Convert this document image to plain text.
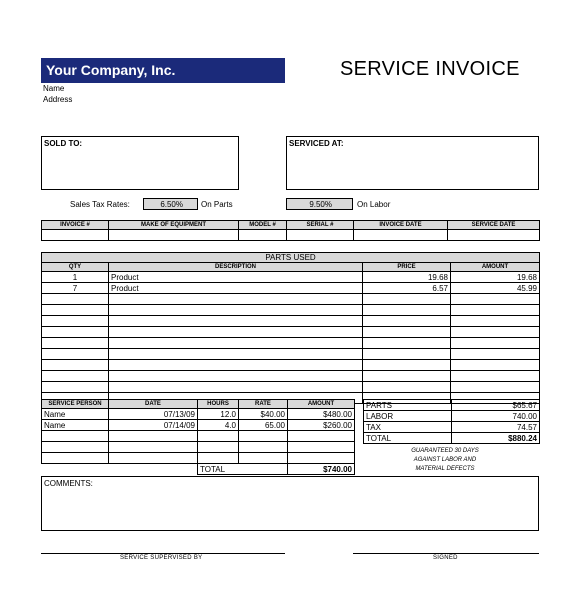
Your Company, Inc.
Name
Address
SERVICE INVOICE
SOLD TO:	SERVICED AT:
Sales Tax Rates:	6.50%	On Parts	9.50%	On Labor
INVOICE #	MAKE OF EQUIPMENT	MODEL #	SERIAL #	INVOICE DATE	SERVICE DATE

PARTS USED			
QTY	DESCRIPTION	PRICE	AMOUNT
1	Product	19.68	19.68
7	Product	6.57	45.99

SERVICE PERSON	DATE	HOURS	RATE	AMOUNT
Name	07/13/09	12.0	$40.00	$480.00
Name	07/14/09	4.0	65.00	$260.00

		TOTAL		$740.00
PARTS	$65.67
LABOR	740.00
TAX	74.57
TOTAL	$880.24
GUARANTEED 30 DAYS
AGAINST LABOR AND
MATERIAL DEFECTS
COMMENTS:
SERVICE SUPERVISED BY	SIGNED
